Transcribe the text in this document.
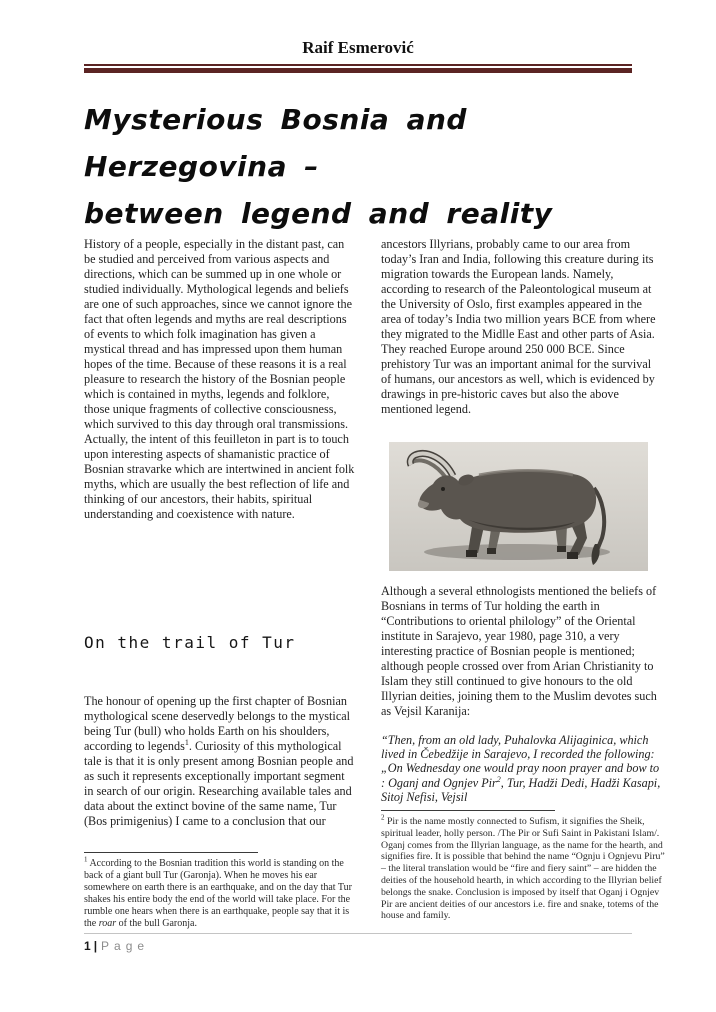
Raif Esmerović
Mysterious Bosnia and Herzegovina –
between legend and reality

History of a people, especially in the distant past, can be studied and perceived from various aspects and directions, which can be summed up in one whole or studied individually. Mythological legends and beliefs are one of such approaches, since we cannot ignore the fact that often legends and myths are real descriptions of events to which folk imagination has given a mystical thread and has impressed upon them human hopes of the time. Because of these reasons it is a real pleasure to research the history of the Bosnian people which is contained in myths, legends and folklore, those unique fragments of collective consciousness, which survived to this day through oral transmissions. Actually, the intent of this feuilleton in part is to touch upon interesting aspects of shamanistic practice of Bosnian stravarke which are intertwined in ancient folk myths, which are usually the best reflection of life and thinking of our ancestors, their habits, spiritual understanding and coexistence with nature.

On the trail of Tur

The honour of opening up the first chapter of Bosnian mythological scene deservedly belongs to the mystical being Tur (bull) who holds Earth on his shoulders, according to legends$^1$. Curiosity of this mythological tale is that it is only present among Bosnian people and as such it represents exceptionally important segment in search of our origin. Researching available tales and data about the extinct bovine of the same name, Tur (Bos primigenius) I came to a conclusion that our

ancestors Illyrians, probably came to our area from today’s Iran and India, following this creature during its migration towards the European lands. Namely, according to research of the Paleontological museum at the University of Oslo, first examples appeared in the area of today’s India two million years BCE from where they migrated to the Midlle East and other parts of Asia. They reached Europe around 250 000 BCE. Since prehistory Tur was an important animal for the survival of humans, our ancestors as well, which is evidenced by drawings in pre-historic caves but also the above mentioned legend.

Although a several ethnologists mentioned the beliefs of Bosnians in terms of Tur holding the earth in “Contributions to oriental philology” of the Oriental institute in Sarajevo, year 1980, page 310, a very interesting practice of Bosnian people is mentioned; although people crossed over from Arian Christianity to Islam they still continued to give honours to the old Illyrian deities, joining them to the Muslim devotes such as Vejsil Karanija:

“Then, from an old lady, Puhalovka Alijaginica, which lived in Čebedžije in Sarajevo, I recorded the following: „On Wednesday one would pray noon prayer and bow to : Oganj and Ognjev Pir$^2$, Tur, Hadži Dedi, Hadži Kasapi, Sitoj Nefisi, Vejsil

$^1$ According to the Bosnian tradition this world is standing on the back of a giant bull Tur (Garonja). When he moves his ear somewhere on earth there is an earthquake, and on the day that Tur shakes his entire body the end of the world will take place. For the rumble one hears when there is an earthquake, people say that it is the roar of the bull Garonja.

$^2$ Pir is the name mostly connected to Sufism, it signifies the Sheik, spiritual leader, holly person. /The Pir or Sufi Saint in Pakistani Islam/. Oganj comes from the Illyrian language, as the name for the hearth, and signifies fire. It is possible that behind the name “Ognju i Ognjevu Piru” – the literal translation would be “fire and fiery saint” – are hidden the deities of the household hearth, in which according to the Illyrian belief belongs the snake. Conclusion is imposed by itself that Oganj i Ognjev Pir are ancient deities of our ancestors i.e. fire and snake, totems of the house and family.

1 | Page
